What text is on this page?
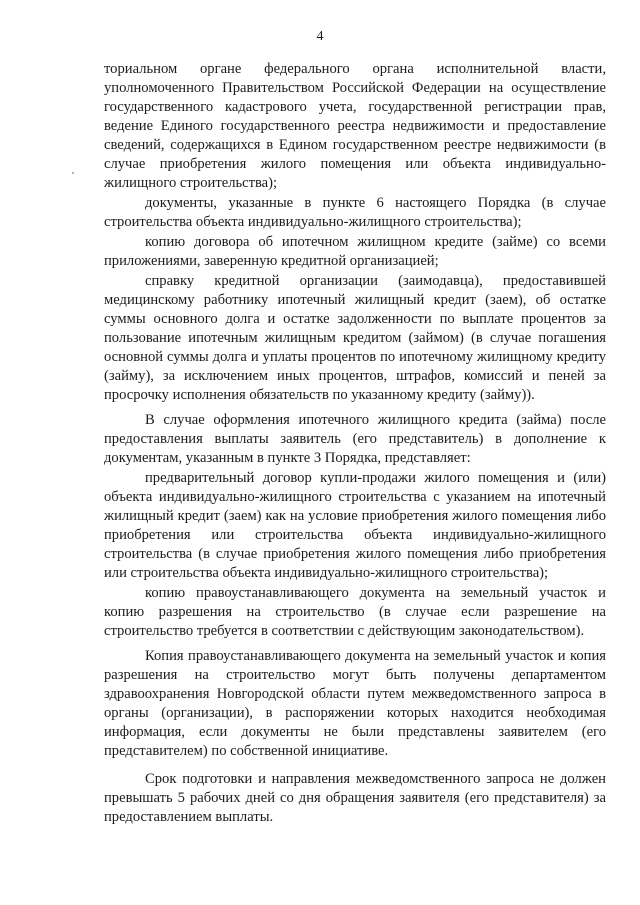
4

ториальном органе федерального органа исполнительной власти, уполномоченного Правительством Российской Федерации на осуществление государственного кадастрового учета, государственной регистрации прав, ведение Единого государственного реестра недвижимости и предоставление сведений, содержащихся в Едином государственном реестре недвижимости (в случае приобретения жилого помещения или объекта индивидуально-жилищного строительства);

документы, указанные в пункте 6 настоящего Порядка (в случае строительства объекта индивидуально-жилищного строительства);

копию договора об ипотечном жилищном кредите (займе) со всеми приложениями, заверенную кредитной организацией;

справку кредитной организации (заимодавца), предоставившей медицинскому работнику ипотечный жилищный кредит (заем), об остатке суммы основного долга и остатке задолженности по выплате процентов за пользование ипотечным жилищным кредитом (займом) (в случае погашения основной суммы долга и уплаты процентов по ипотечному жилищному кредиту (займу), за исключением иных процентов, штрафов, комиссий и пеней за просрочку исполнения обязательств по указанному кредиту (займу)).

В случае оформления ипотечного жилищного кредита (займа) после предоставления выплаты заявитель (его представитель) в дополнение к документам, указанным в пункте 3 Порядка, представляет:

предварительный договор купли-продажи жилого помещения и (или) объекта индивидуально-жилищного строительства с указанием на ипотечный жилищный кредит (заем) как на условие приобретения жилого помещения либо приобретения или строительства объекта индивидуально-жилищного строительства (в случае приобретения жилого помещения либо приобретения или строительства объекта индивидуально-жилищного строительства);

копию правоустанавливающего документа на земельный участок и копию разрешения на строительство (в случае если разрешение на строительство требуется в соответствии с действующим законодательством).

Копия правоустанавливающего документа на земельный участок и копия разрешения на строительство могут быть получены департаментом здравоохранения Новгородской области путем межведомственного запроса в органы (организации), в распоряжении которых находится необходимая информация, если документы не были представлены заявителем (его представителем) по собственной инициативе.

Срок подготовки и направления межведомственного запроса не должен превышать 5 рабочих дней со дня обращения заявителя (его представителя) за предоставлением выплаты.
